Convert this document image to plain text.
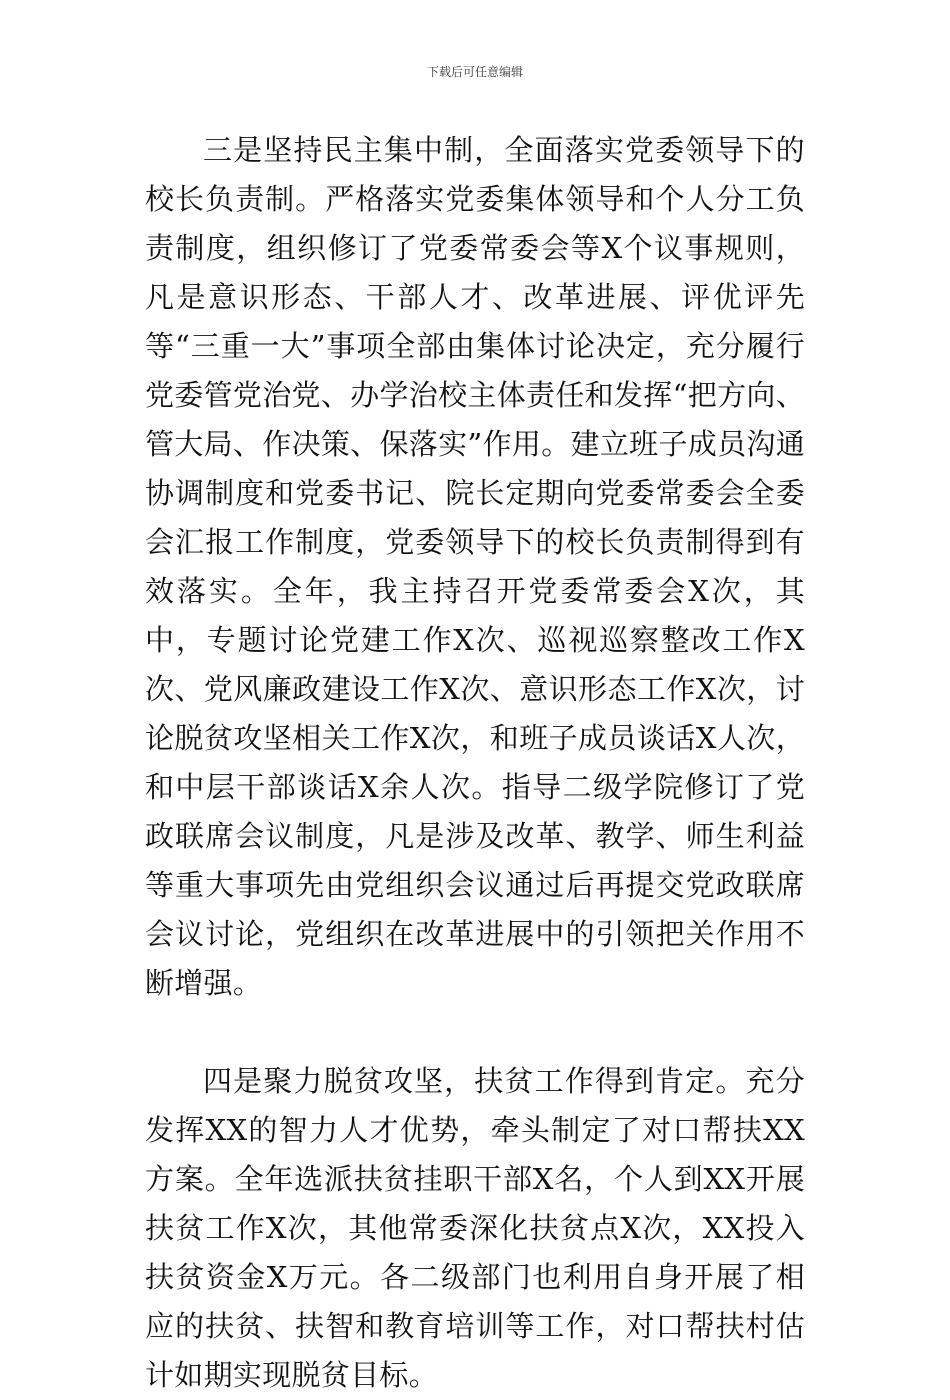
下载后可任意编辑

三是坚持民主集中制，全面落实党委领导下的校长负责制。严格落实党委集体领导和个人分工负责制度，组织修订了党委常委会等X个议事规则，凡是意识形态、干部人才、改革进展、评优评先等“三重一大”事项全部由集体讨论决定，充分履行党委管党治党、办学治校主体责任和发挥“把方向、管大局、作决策、保落实”作用。建立班子成员沟通协调制度和党委书记、院长定期向党委常委会全委会汇报工作制度，党委领导下的校长负责制得到有效落实。全年，我主持召开党委常委会X次，其中，专题讨论党建工作X次、巡视巡察整改工作X次、党风廉政建设工作X次、意识形态工作X次，讨论脱贫攻坚相关工作X次，和班子成员谈话X人次，和中层干部谈话X余人次。指导二级学院修订了党政联席会议制度，凡是涉及改革、教学、师生利益等重大事项先由党组织会议通过后再提交党政联席会议讨论，党组织在改革进展中的引领把关作用不断增强。

四是聚力脱贫攻坚，扶贫工作得到肯定。充分发挥XX的智力人才优势，牵头制定了对口帮扶XX方案。全年选派扶贫挂职干部X名，个人到XX开展扶贫工作X次，其他常委深化扶贫点X次，XX投入扶贫资金X万元。各二级部门也利用自身开展了相应的扶贫、扶智和教育培训等工作，对口帮扶村估计如期实现脱贫目标。
